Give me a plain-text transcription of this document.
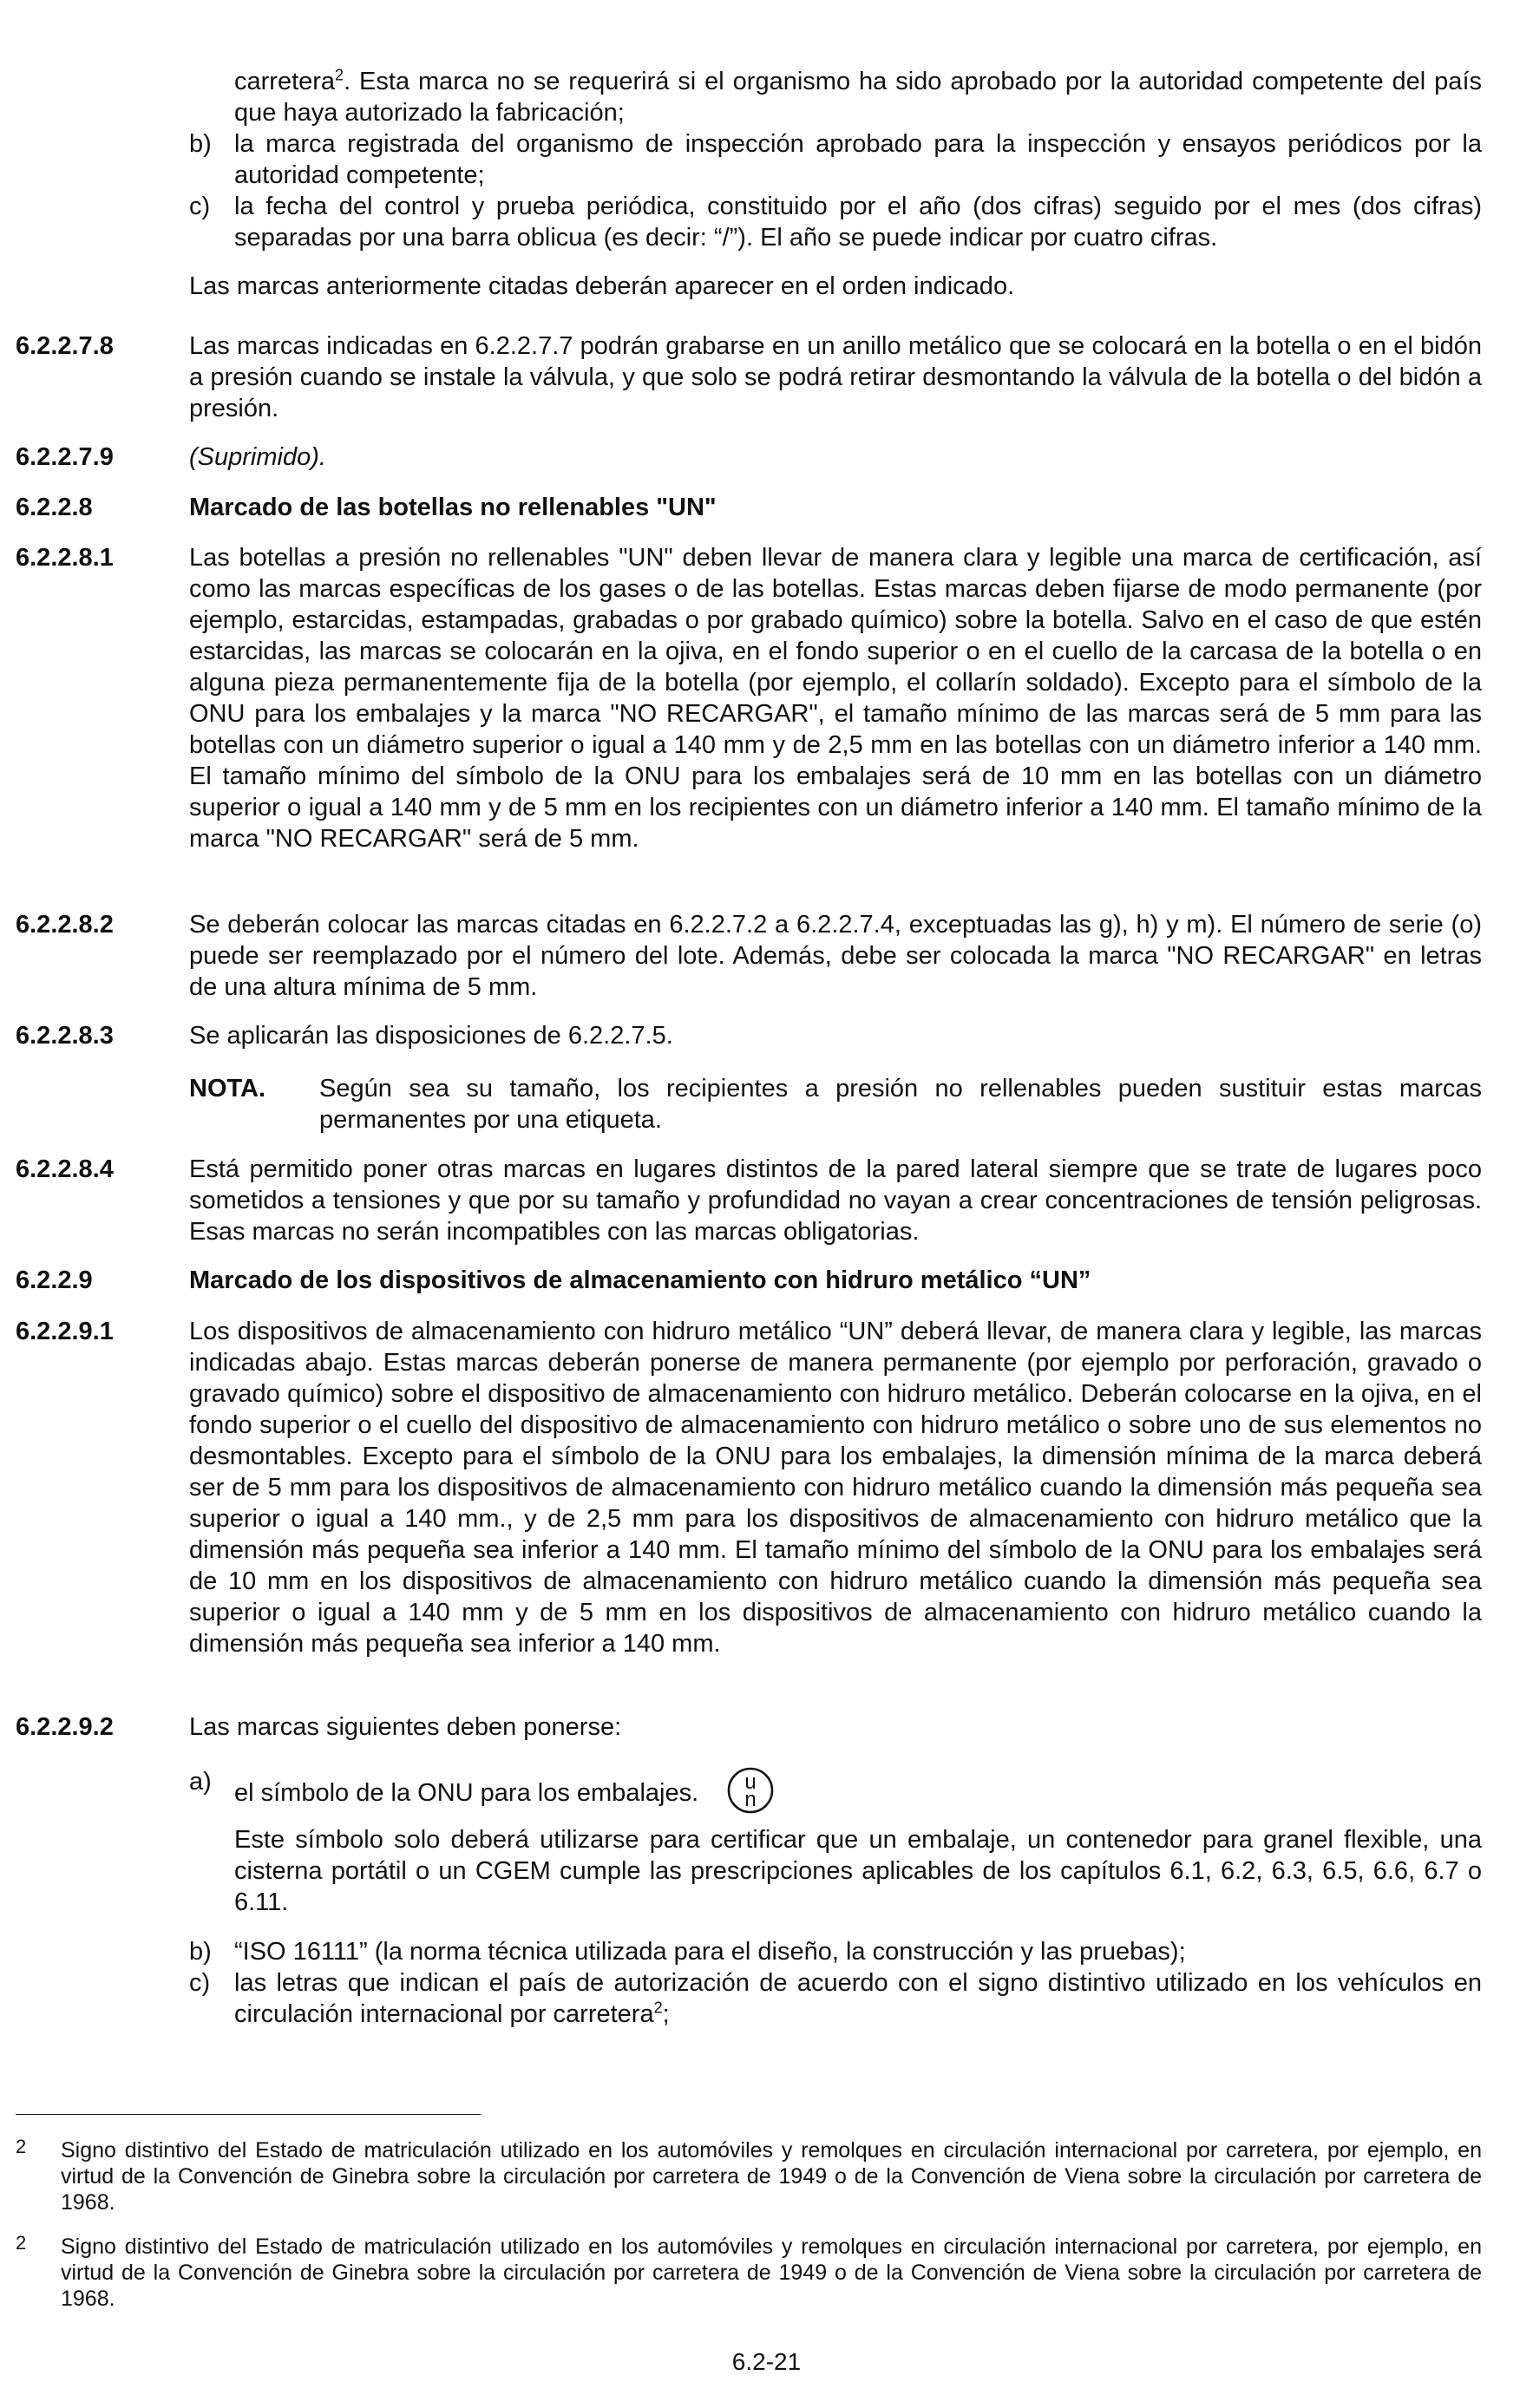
carretera$^2$. Esta marca no se requerirá si el organismo ha sido aprobado por la autoridad competente del país que haya autorizado la fabricación;
b) la marca registrada del organismo de inspección aprobado para la inspección y ensayos periódicos por la autoridad competente;
c) la fecha del control y prueba periódica, constituido por el año (dos cifras) seguido por el mes (dos cifras) separadas por una barra oblicua (es decir: “/”). El año se puede indicar por cuatro cifras.
Las marcas anteriormente citadas deberán aparecer en el orden indicado.
6.2.2.7.8	Las marcas indicadas en 6.2.2.7.7 podrán grabarse en un anillo metálico que se colocará en la botella o en el bidón a presión cuando se instale la válvula, y que solo se podrá retirar desmontando la válvula de la botella o del bidón a presión.
6.2.2.7.9	(Suprimido).
6.2.2.8	Marcado de las botellas no rellenables "UN"
6.2.2.8.1	Las botellas a presión no rellenables "UN" deben llevar de manera clara y legible una marca de certificación, así como las marcas específicas de los gases o de las botellas. Estas marcas deben fijarse de modo permanente (por ejemplo, estarcidas, estampadas, grabadas o por grabado químico) sobre la botella. Salvo en el caso de que estén estarcidas, las marcas se colocarán en la ojiva, en el fondo superior o en el cuello de la carcasa de la botella o en alguna pieza permanentemente fija de la botella (por ejemplo, el collarín soldado). Excepto para el símbolo de la ONU para los embalajes y la marca "NO RECARGAR", el tamaño mínimo de las marcas será de 5 mm para las botellas con un diámetro superior o igual a 140 mm y de 2,5 mm en las botellas con un diámetro inferior a 140 mm. El tamaño mínimo del símbolo de la ONU para los embalajes será de 10 mm en las botellas con un diámetro superior o igual a 140 mm y de 5 mm en los recipientes con un diámetro inferior a 140 mm. El tamaño mínimo de la marca "NO RECARGAR" será de 5 mm.
6.2.2.8.2	Se deberán colocar las marcas citadas en 6.2.2.7.2 a 6.2.2.7.4, exceptuadas las g), h) y m). El número de serie (o) puede ser reemplazado por el número del lote. Además, debe ser colocada la marca "NO RECARGAR" en letras de una altura mínima de 5 mm.
6.2.2.8.3	Se aplicarán las disposiciones de 6.2.2.7.5.
NOTA.	Según sea su tamaño, los recipientes a presión no rellenables pueden sustituir estas marcas permanentes por una etiqueta.
6.2.2.8.4	Está permitido poner otras marcas en lugares distintos de la pared lateral siempre que se trate de lugares poco sometidos a tensiones y que por su tamaño y profundidad no vayan a crear concentraciones de tensión peligrosas. Esas marcas no serán incompatibles con las marcas obligatorias.
6.2.2.9	Marcado de los dispositivos de almacenamiento con hidruro metálico “UN”
6.2.2.9.1	Los dispositivos de almacenamiento con hidruro metálico “UN” deberá llevar, de manera clara y legible, las marcas indicadas abajo. Estas marcas deberán ponerse de manera permanente (por ejemplo por perforación, gravado o gravado químico) sobre el dispositivo de almacenamiento con hidruro metálico. Deberán colocarse en la ojiva, en el fondo superior o el cuello del dispositivo de almacenamiento con hidruro metálico o sobre uno de sus elementos no desmontables. Excepto para el símbolo de la ONU para los embalajes, la dimensión mínima de la marca deberá ser de 5 mm para los dispositivos de almacenamiento con hidruro metálico cuando la dimensión más pequeña sea superior o igual a 140 mm., y de 2,5 mm para los dispositivos de almacenamiento con hidruro metálico que la dimensión más pequeña sea inferior a 140 mm. El tamaño mínimo del símbolo de la ONU para los embalajes será de 10 mm en los dispositivos de almacenamiento con hidruro metálico cuando la dimensión más pequeña sea superior o igual a 140 mm y de 5 mm en los dispositivos de almacenamiento con hidruro metálico cuando la dimensión más pequeña sea inferior a 140 mm.
6.2.2.9.2	Las marcas siguientes deben ponerse:
a) el símbolo de la ONU para los embalajes. u
n
Este símbolo solo deberá utilizarse para certificar que un embalaje, un contenedor para granel flexible, una cisterna portátil o un CGEM cumple las prescripciones aplicables de los capítulos 6.1, 6.2, 6.3, 6.5, 6.6, 6.7 o 6.11.
b) “ISO 16111” (la norma técnica utilizada para el diseño, la construcción y las pruebas);
c) las letras que indican el país de autorización de acuerdo con el signo distintivo utilizado en los vehículos en circulación internacional por carretera$^2$;
2 Signo distintivo del Estado de matriculación utilizado en los automóviles y remolques en circulación internacional por carretera, por ejemplo, en virtud de la Convención de Ginebra sobre la circulación por carretera de 1949 o de la Convención de Viena sobre la circulación por carretera de 1968.
2 Signo distintivo del Estado de matriculación utilizado en los automóviles y remolques en circulación internacional por carretera, por ejemplo, en virtud de la Convención de Ginebra sobre la circulación por carretera de 1949 o de la Convención de Viena sobre la circulación por carretera de 1968.
6.2-21
